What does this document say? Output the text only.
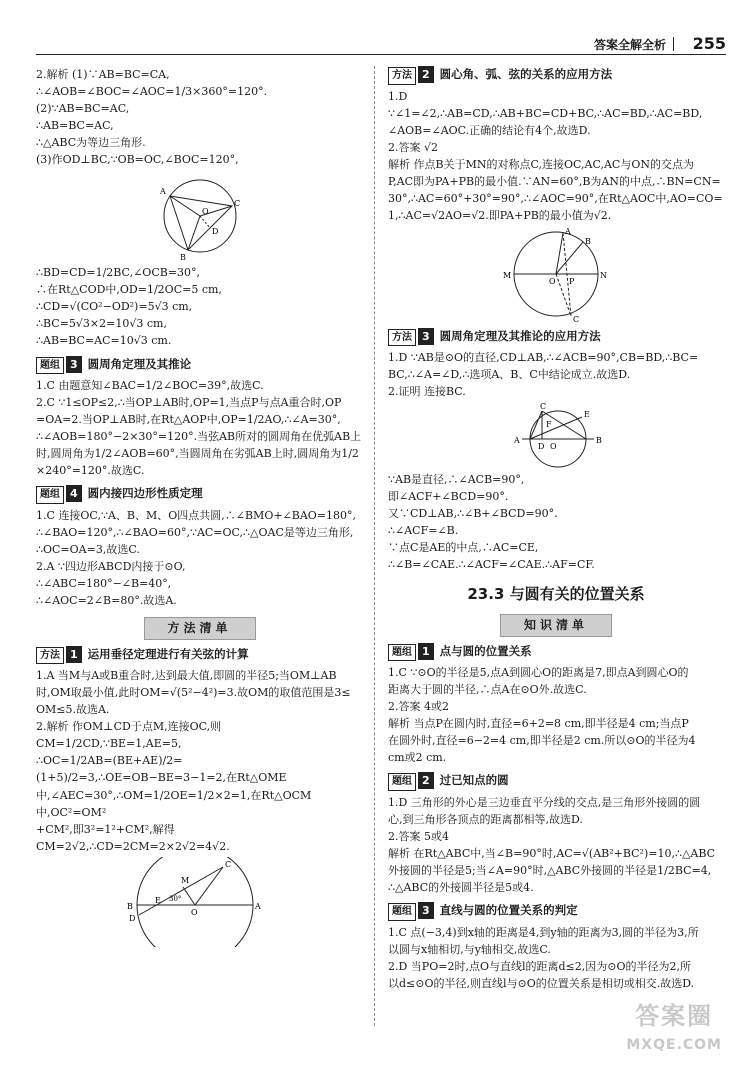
答案全解全析 255

2.解析 (1)∵AB=BC=CA,

∴∠AOB=∠BOC=∠AOC=1/3×360°=120°.

(2)∵AB=BC=AC,

∴AB=BC=AC,

∴△ABC为等边三角形.

(3)作OD⊥BC,∵OB=OC,∠BOC=120°,

A
C
B
O
D

∴BD=CD=1/2BC,∠OCB=30°,

∴在Rt△COD中,OD=1/2OC=5 cm,

∴CD=√(CO²−OD²)=5√3 cm,

∴BC=5√3×2=10√3 cm,

∴AB=BC=AC=10√3 cm.

题组 3 圆周角定理及其推论

1.C 由题意知∠BAC=1/2∠BOC=39°,故选C.

2.C ∵1≤OP≤2,∴当OP⊥AB时,OP=1,当点P与点A重合时,OP

=OA=2.当OP⊥AB时,在Rt△AOP中,OP=1/2AO,∴∠A=30°,

∴∠AOB=180°−2×30°=120°.当弦AB所对的圆周角在优弧AB上

时,圆周角为1/2∠AOB=60°,当圆周角在劣弧AB上时,圆周角为1/2

×240°=120°.故选C.

题组 4 圆内接四边形性质定理

1.C 连接OC,∵A、B、M、O四点共圆,∴∠BMO+∠BAO=180°,

∴∠BAO=120°,∴∠BAO=60°,∵AC=OC,∴△OAC是等边三角形,

∴OC=OA=3,故选C.

2.A ∵四边形ABCD内接于⊙O,

∴∠ABC=180°−∠B=40°,

∴∠AOC=2∠B=80°.故选A.

方法清单
方法 1 运用垂径定理进行有关弦的计算

1.A 当M与A或B重合时,达到最大值,即圆的半径5;当OM⊥AB

时,OM取最小值,此时OM=√(5²−4²)=3.故OM的取值范围是3≤

OM≤5.故选A.

2.解析 作OM⊥CD于点M,连接OC,则CM=1/2CD,∵BE=1,AE=5,

∴OC=1/2AB=(BE+AE)/2=(1+5)/2=3,∴OE=OB−BE=3−1=2,在Rt△OME

中,∠AEC=30°,∴OM=1/2OE=1/2×2=1,在Rt△OCM中,OC²=OM²

+CM²,即3²=1²+CM²,解得CM=2√2,∴CD=2CM=2×2√2=4√2.

M
C
B
D
E
O
A
30°
方法 2 圆心角、弧、弦的关系的应用方法

1.D ∵∠1=∠2,∴AB=CD,∴AB+BC=CD+BC,∴AC=BD,∴AC=BD,

∠AOB=∠AOC.正确的结论有4个,故选D.

2.答案 √2

解析 作点B关于MN的对称点C,连接OC,AC,AC与ON的交点为

P,AC即为PA+PB的最小值.∵AN=60°,B为AN的中点,∴BN=CN=

30°,∴AC=60°+30°=90°,∴∠AOC=90°,在Rt△AOC中,AO=CO=

1,∴AC=√2AO=√2.即PA+PB的最小值为√2.

M	N
A
B
C
O P
方法 3 圆周角定理及其推论的应用方法

1.D ∵AB是⊙O的直径,CD⊥AB,∴∠ACB=90°,CB=BD,∴BC=

BC,∴∠A=∠D,∴选项A、B、C中结论成立.故选D.

2.证明 连接BC.

C
E
A	B
F
D O

∵AB是直径,∴∠ACB=90°,

即∠ACF+∠BCD=90°.

又∵CD⊥AB,∴∠B+∠BCD=90°.

∴∠ACF=∠B.

∵点C是AE的中点,∴AC=CE,

∴∠B=∠CAE.∴∠ACF=∠CAE.∴AF=CF.

23.3 与圆有关的位置关系
知识清单
题组 1 点与圆的位置关系

1.C ∵⊙O的半径是5,点A到圆心O的距离是7,即点A到圆心O的

距离大于圆的半径,∴点A在⊙O外.故选C.

2.答案 4或2

解析 当点P在圆内时,直径=6+2=8 cm,即半径是4 cm;当点P

在圆外时,直径=6−2=4 cm,即半径是2 cm.所以⊙O的半径为4

cm或2 cm.

题组 2 过已知点的圆

1.D 三角形的外心是三边垂直平分线的交点,是三角形外接圆的圆

心,到三角形各顶点的距离都相等,故选D.

2.答案 5或4

解析 在Rt△ABC中,当∠B=90°时,AC=√(AB²+BC²)=10,∴△ABC

外接圆的半径是5;当∠A=90°时,△ABC外接圆的半径是1/2BC=4,

∴△ABC的外接圆半径是5或4.

题组 3 直线与圆的位置关系的判定

1.C 点(−3,4)到x轴的距离是4,到y轴的距离为3,圆的半径为3,所

以圆与x轴相切,与y轴相交,故选C.

2.D 当PO=2时,点O与直线l的距离d≤2,因为⊙O的半径为2,所

以d≤⊙O的半径,则直线l与⊙O的位置关系是相切或相交.故选D.

答案圈
MXQE.COM
